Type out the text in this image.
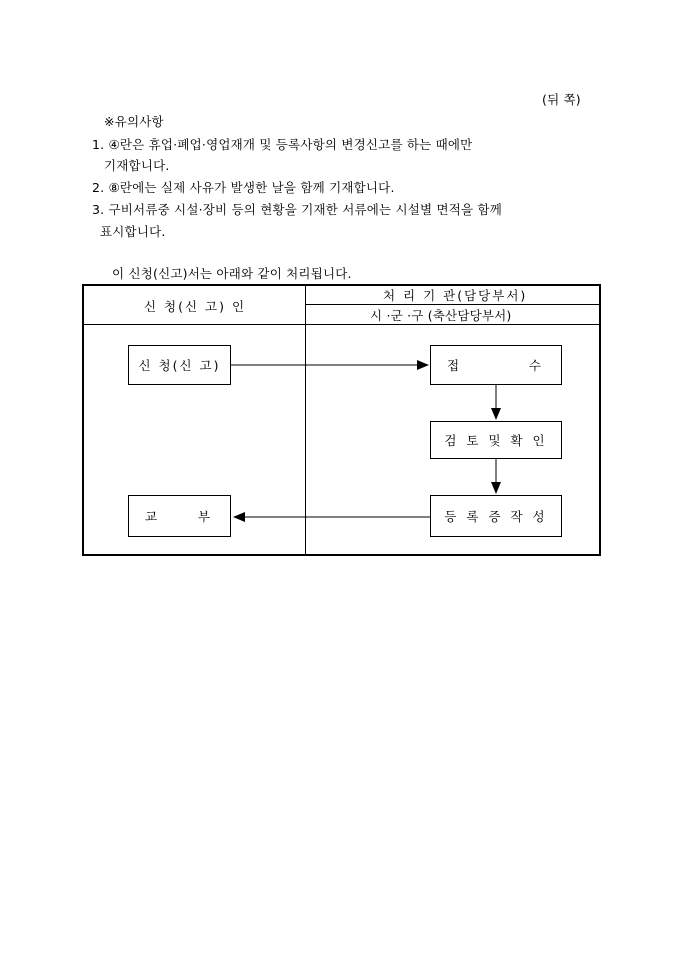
(뒤 쪽)
※유의사항
1. ④란은 휴업·폐업·영업재개 및 등록사항의 변경신고를 하는 때에만
기재합니다.
2. ⑧란에는 실제 사유가 발생한 날을 함께 기재합니다.
3. 구비서류중 시설·장비 등의 현황을 기재한 서류에는 시설별 면적을 함께
표시합니다.
이 신청(신고)서는 아래와 같이 처리됩니다.
신 청(신 고) 인
처 리 기 관(담당부서)
시 ·군 ·구 (축산담당부서)
신 청(신 고)	접	수
검 토 및 확 인
등 록 증 작 성
교	부
